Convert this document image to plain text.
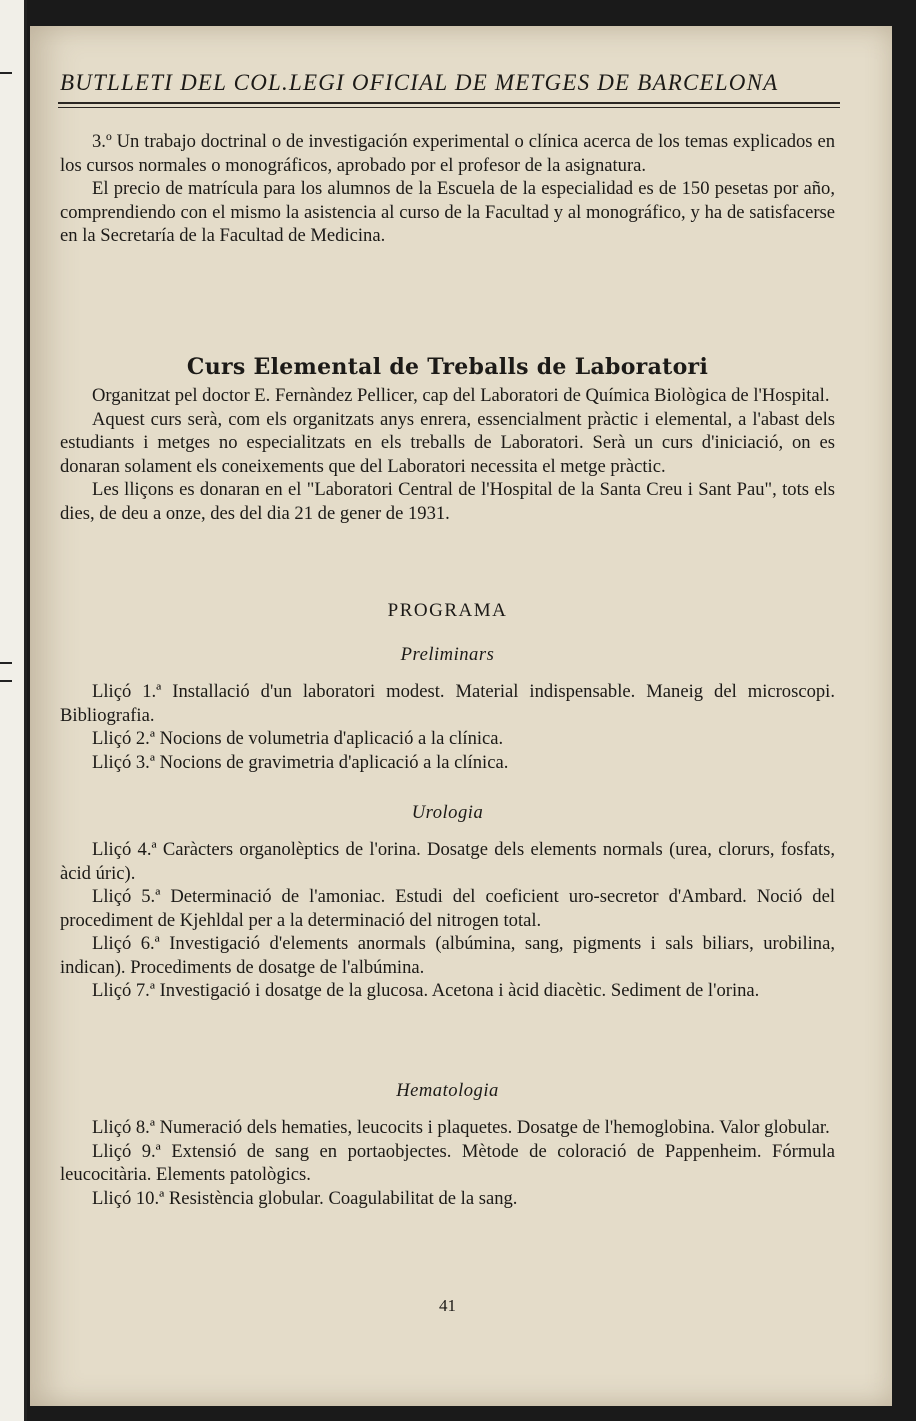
BUTLLETI DEL COL.LEGI OFICIAL DE METGES DE BARCELONA

3.º Un trabajo doctrinal o de investigación experimental o clínica acerca de los temas explicados en los cursos normales o monográficos, aprobado por el profesor de la asignatura.

El precio de matrícula para los alumnos de la Escuela de la especialidad es de 150 pesetas por año, comprendiendo con el mismo la asistencia al curso de la Facultad y al monográfico, y ha de satisfacerse en la Secretaría de la Facultad de Medicina.

Curs Elemental de Treballs de Laboratori

Organitzat pel doctor E. Fernàndez Pellicer, cap del Laboratori de Química Biològica de l'Hospital.

Aquest curs serà, com els organitzats anys enrera, essencialment pràctic i elemental, a l'abast dels estudiants i metges no especialitzats en els treballs de Laboratori. Serà un curs d'iniciació, on es donaran solament els coneixements que del Laboratori necessita el metge pràctic.

Les lliçons es donaran en el "Laboratori Central de l'Hospital de la Santa Creu i Sant Pau", tots els dies, de deu a onze, des del dia 21 de gener de 1931.

PROGRAMA
Preliminars

Lliçó 1.ª Installació d'un laboratori modest. Material indispensable. Maneig del microscopi. Bibliografia.

Lliçó 2.ª Nocions de volumetria d'aplicació a la clínica.

Lliçó 3.ª Nocions de gravimetria d'aplicació a la clínica.

Urologia

Lliçó 4.ª Caràcters organolèptics de l'orina. Dosatge dels elements normals (urea, clorurs, fosfats, àcid úric).

Lliçó 5.ª Determinació de l'amoniac. Estudi del coeficient uro-secretor d'Ambard. Noció del procediment de Kjehldal per a la determinació del nitrogen total.

Lliçó 6.ª Investigació d'elements anormals (albúmina, sang, pigments i sals biliars, urobilina, indican). Procediments de dosatge de l'albúmina.

Lliçó 7.ª Investigació i dosatge de la glucosa. Acetona i àcid diacètic. Sediment de l'orina.

Hematologia

Lliçó 8.ª Numeració dels hematies, leucocits i plaquetes. Dosatge de l'hemoglobina. Valor globular.

Lliçó 9.ª Extensió de sang en portaobjectes. Mètode de coloració de Pappenheim. Fórmula leucocitària. Elements patològics.

Lliçó 10.ª Resistència globular. Coagulabilitat de la sang.

41
